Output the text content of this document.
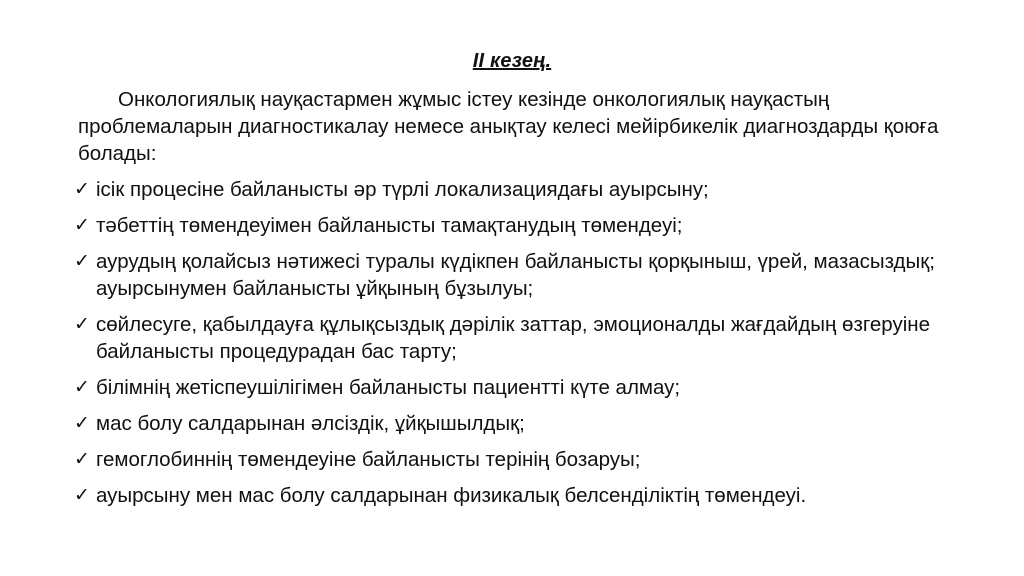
ІІ кезең.
Онкологиялық науқастармен жұмыс істеу кезінде онкологиялық науқастың проблемаларын диагностикалау немесе анықтау келесі мейірбикелік диагноздарды қоюға болады:
✓ ісік процесіне байланысты әр түрлі локализациядағы ауырсыну;
✓ тәбеттің төмендеуімен байланысты тамақтанудың төмендеуі;
✓ аурудың қолайсыз нәтижесі туралы күдікпен байланысты қорқыныш, үрей, мазасыздық; ауырсынумен байланысты ұйқының бұзылуы;
✓ сөйлесуге, қабылдауға құлықсыздық дәрілік заттар, эмоционалды жағдайдың өзгеруіне байланысты процедурадан бас тарту;
✓ білімнің жетіспеушілігімен байланысты пациентті күте алмау;
✓ мас болу салдарынан әлсіздік, ұйқышылдық;
✓ гемоглобиннің төмендеуіне байланысты терінің бозаруы;
✓ ауырсыну мен мас болу салдарынан физикалық белсенділіктің төмендеуі.
